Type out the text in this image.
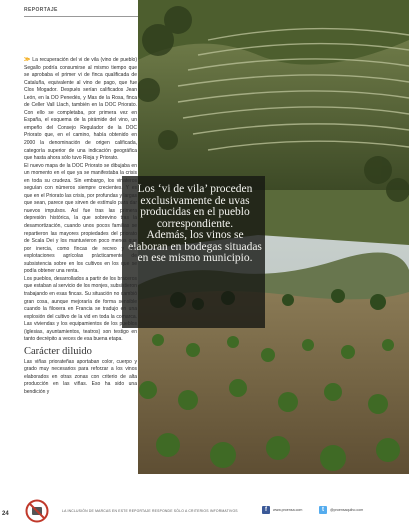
REPORTAJE
Los ‘vi de vila’ proceden exclusivamente de uvas producidas en el pueblo correspondiente.
Además, los vinos se elaboran en bodegas situadas en ese mismo municipio.

≫ La recuperación del vi de vila (vino de pueblo) Segallo podría consumirse al mismo tiempo que se aprobaba el primer vi de finca qualificada de Cataluña, equivalente al vino de pago, que fue Clos Mogador. Después serían calificados Jean León, en la DO Penedès, y Mas de la Rosa, finca de Celler Vall Llach, también en la DOC Priorato. Con ello se completaba, por primera vez en España, el esquema de la pirámide del vino, un empeño del Consejo Regulador de la DOC Priorato que, en el camino, había obtenido en 2000 la denominación de origen calificada, categoría superior de una indicación geográfica que hasta ahora sólo tuvo Rioja y Priorato.

El nuevo mapa de la DOC Priorato se dibujaba en un momento en el que ya se manifestaba la crisis en toda su crudeza. Sin embargo, los vinateros seguían con números siempre crecientes. Y es que en el Priorato las crisis, por profundas y largas que sean, parece que sirven de estímulo para dar nuevos impulsos. Así fue tras las primera depresión histórica, la que sobrevino tras la desamortización, cuando unos pocos familias se repartieron las mayores propiedades del priorato de Scala Dei y los mantuvieron poco menos que por inercia, como fincas de recreo y con explotaciones agrícolas prácticamente de subsistencia sobre en los cultivos en los que se podía obtener una renta.

Los pueblos, desarrollados a partir de los braceros que estaban al servicio de los monjes, subsistieron trabajando en esas fincas. Su situación no cambió gran cosa, aunque mejoraría de forma sensible cuando la filoxera en Francia se tradujo en una explosión del cultivo de la vid en toda la comarca. Las viviendas y los equipamientos de los pueblos (iglesias, ayuntamientos, teatros) son testigo en tanto decrépito a veces de esa buena etapa.

Carácter diluido

Las viñas priorateñas aportaban color, cuerpo y grado muy necesarios para reforzar a los vinos elaborados en otras zonas con criterio de alta producción en las viñas. Eso ha sido una bendición y

24	LA INCLUSIÓN DE MARCAS EN ESTE REPORTAJE RESPONDE SÓLO A CRITERIOS INFORMATIVOS	f	www.proensa.com	t	@proensaquiho.com
